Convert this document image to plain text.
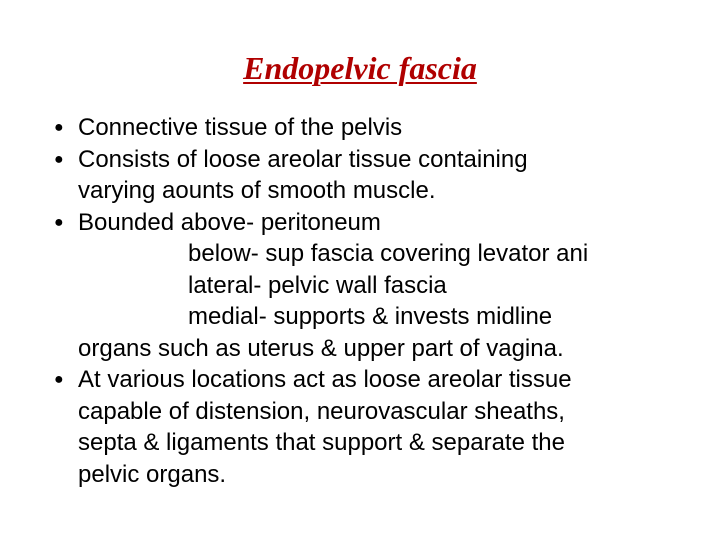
Endopelvic fascia
● Connective tissue of the pelvis
● Consists of loose areolar tissue containing
varying aounts of smooth muscle.
● Bounded above- peritoneum
below- sup fascia covering levator ani
lateral- pelvic wall fascia
medial- supports & invests midline
organs such as uterus & upper part of vagina.
● At various locations act as loose areolar tissue
capable of distension, neurovascular sheaths,
septa & ligaments that support & separate the
pelvic organs.
